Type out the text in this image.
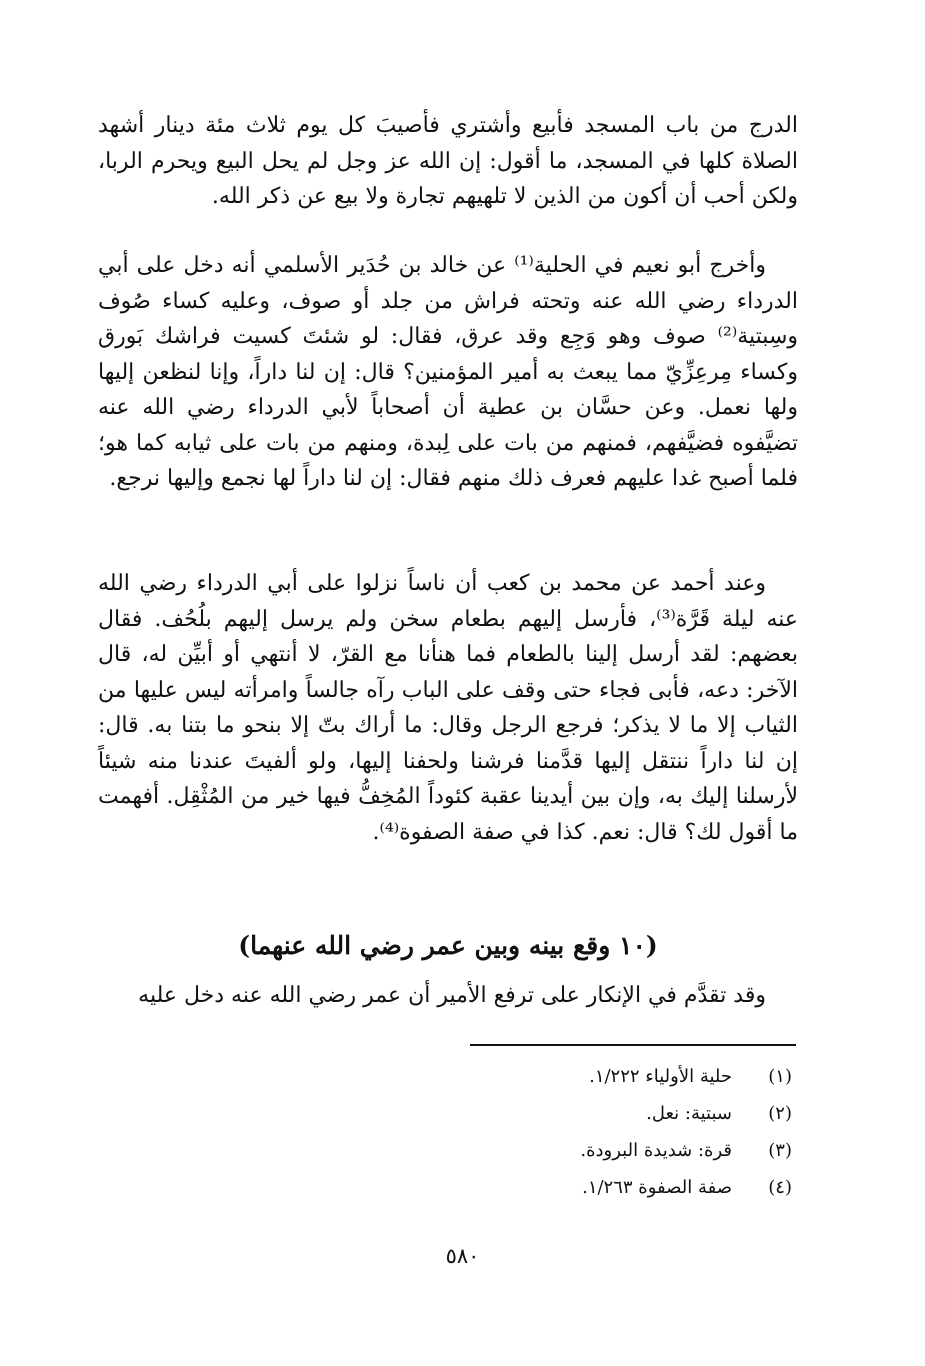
الدرج من باب المسجد فأبيع وأشتري فأصيبَ كل يوم ثلاث مئة دينار أشهد الصلاة كلها في المسجد، ما أقول: إن الله عز وجل لم يحل البيع ويحرم الربا، ولكن أحب أن أكون من الذين لا تلهيهم تجارة ولا بيع عن ذكر الله.

وأخرج أبو نعيم في الحلية⁽¹⁾ عن خالد بن حُدَير الأسلمي أنه دخل على أبي الدرداء رضي الله عنه وتحته فراش من جلد أو صوف، وعليه كساء صُوف وسِبتية⁽²⁾ صوف وهو وَجِع وقد عرق، فقال: لو شئتَ كسيت فراشك بَورق وكساء مِرعِزِّيّ مما يبعث به أمير المؤمنين؟ قال: إن لنا داراً، وإنا لنظعن إليها ولها نعمل. وعن حسَّان بن عطية أن أصحاباً لأبي الدرداء رضي الله عنه تضيَّفوه فضيَّفهم، فمنهم من بات على لِبدة، ومنهم من بات على ثيابه كما هو؛ فلما أصبح غدا عليهم فعرف ذلك منهم فقال: إن لنا داراً لها نجمع وإليها نرجع.

وعند أحمد عن محمد بن كعب أن ناساً نزلوا على أبي الدرداء رضي الله عنه ليلة قَرَّة⁽³⁾، فأرسل إليهم بطعام سخن ولم يرسل إليهم بلُحُف. فقال بعضهم: لقد أرسل إلينا بالطعام فما هنأنا مع القرّ، لا أنتهي أو أبيِّن له، قال الآخر: دعه، فأبى فجاء حتى وقف على الباب رآه جالساً وامرأته ليس عليها من الثياب إلا ما لا يذكر؛ فرجع الرجل وقال: ما أراك بتّ إلا بنحو ما بتنا به. قال: إن لنا داراً ننتقل إليها قدَّمنا فرشنا ولحفنا إليها، ولو ألفيتَ عندنا منه شيئاً لأرسلنا إليك به، وإن بين أيدينا عقبة كئوداً المُخِفُّ فيها خير من المُثْقِل. أفهمت ما أقول لك؟ قال: نعم. كذا في صفة الصفوة⁽⁴⁾.

(١٠ وقع بينه وبين عمر رضي الله عنهما)

وقد تقدَّم في الإنكار على ترفع الأمير أن عمر رضي الله عنه دخل عليه

(١)
حلية الأولياء ١/٢٢٢.
(٢)
سبتية: نعل.
(٣)
قرة: شديدة البرودة.
(٤)
صفة الصفوة ١/٢٦٣.
٥٨٠
